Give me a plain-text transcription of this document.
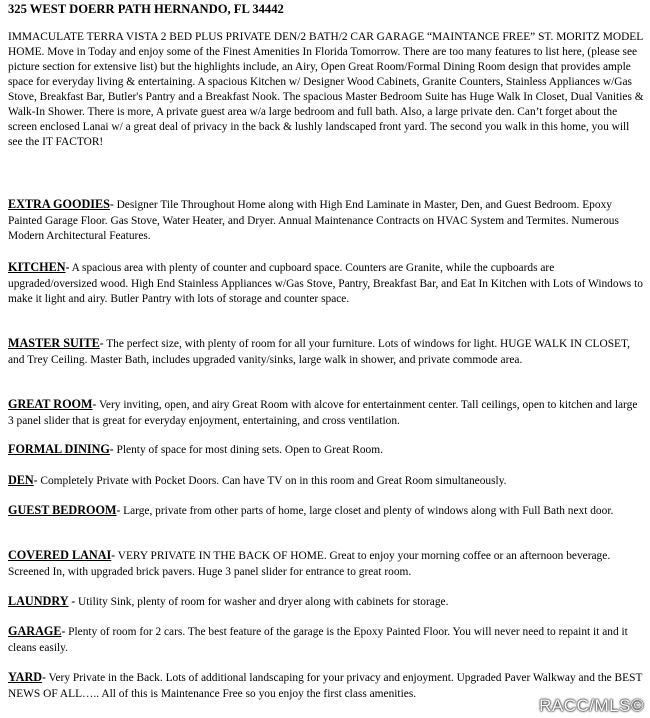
325 WEST DOERR PATH HERNANDO, FL 34442

IMMACULATE TERRA VISTA 2 BED PLUS PRIVATE DEN/2 BATH/2 CAR GARAGE “MAINTANCE FREE” ST. MORITZ MODEL HOME. Move in Today and enjoy some of the Finest Amenities In Florida Tomorrow. There are too many features to list here, (please see picture section for extensive list) but the highlights include, an Airy, Open Great Room/Formal Dining Room design that provides ample space for everyday living & entertaining. A spacious Kitchen w/ Designer Wood Cabinets, Granite Counters, Stainless Appliances w/Gas Stove, Breakfast Bar, Butler's Pantry and a Breakfast Nook. The spacious Master Bedroom Suite has Huge Walk In Closet, Dual Vanities & Walk-In Shower. There is more, A private guest area w/a large bedroom and full bath. Also, a large private den. Can’t forget about the screen enclosed Lanai w/ a great deal of privacy in the back & lushly landscaped front yard. The second you walk in this home, you will see the IT FACTOR!

EXTRA GOODIES- Designer Tile Throughout Home along with High End Laminate in Master, Den, and Guest Bedroom. Epoxy Painted Garage Floor. Gas Stove, Water Heater, and Dryer. Annual Maintenance Contracts on HVAC System and Termites. Numerous Modern Architectural Features.

KITCHEN- A spacious area with plenty of counter and cupboard space. Counters are Granite, while the cupboards are upgraded/oversized wood. High End Stainless Appliances w/Gas Stove, Pantry, Breakfast Bar, and Eat In Kitchen with Lots of Windows to make it light and airy. Butler Pantry with lots of storage and counter space.

MASTER SUITE- The perfect size, with plenty of room for all your furniture. Lots of windows for light. HUGE WALK IN CLOSET, and Trey Ceiling. Master Bath, includes upgraded vanity/sinks, large walk in shower, and private commode area.

GREAT ROOM- Very inviting, open, and airy Great Room with alcove for entertainment center. Tall ceilings, open to kitchen and large 3 panel slider that is great for everyday enjoyment, entertaining, and cross ventilation.

FORMAL DINING- Plenty of space for most dining sets. Open to Great Room.

DEN- Completely Private with Pocket Doors. Can have TV on in this room and Great Room simultaneously.

GUEST BEDROOM- Large, private from other parts of home, large closet and plenty of windows along with Full Bath next door.

COVERED LANAI- VERY PRIVATE IN THE BACK OF HOME. Great to enjoy your morning coffee or an afternoon beverage. Screened In, with upgraded brick pavers. Huge 3 panel slider for entrance to great room.

LAUNDRY - Utility Sink, plenty of room for washer and dryer along with cabinets for storage.

GARAGE- Plenty of room for 2 cars. The best feature of the garage is the Epoxy Painted Floor. You will never need to repaint it and it cleans easily.

YARD- Very Private in the Back. Lots of additional landscaping for your privacy and enjoyment. Upgraded Paver Walkway and the BEST NEWS OF ALL….. All of this is Maintenance Free so you enjoy the first class amenities.

RACC/MLS©
